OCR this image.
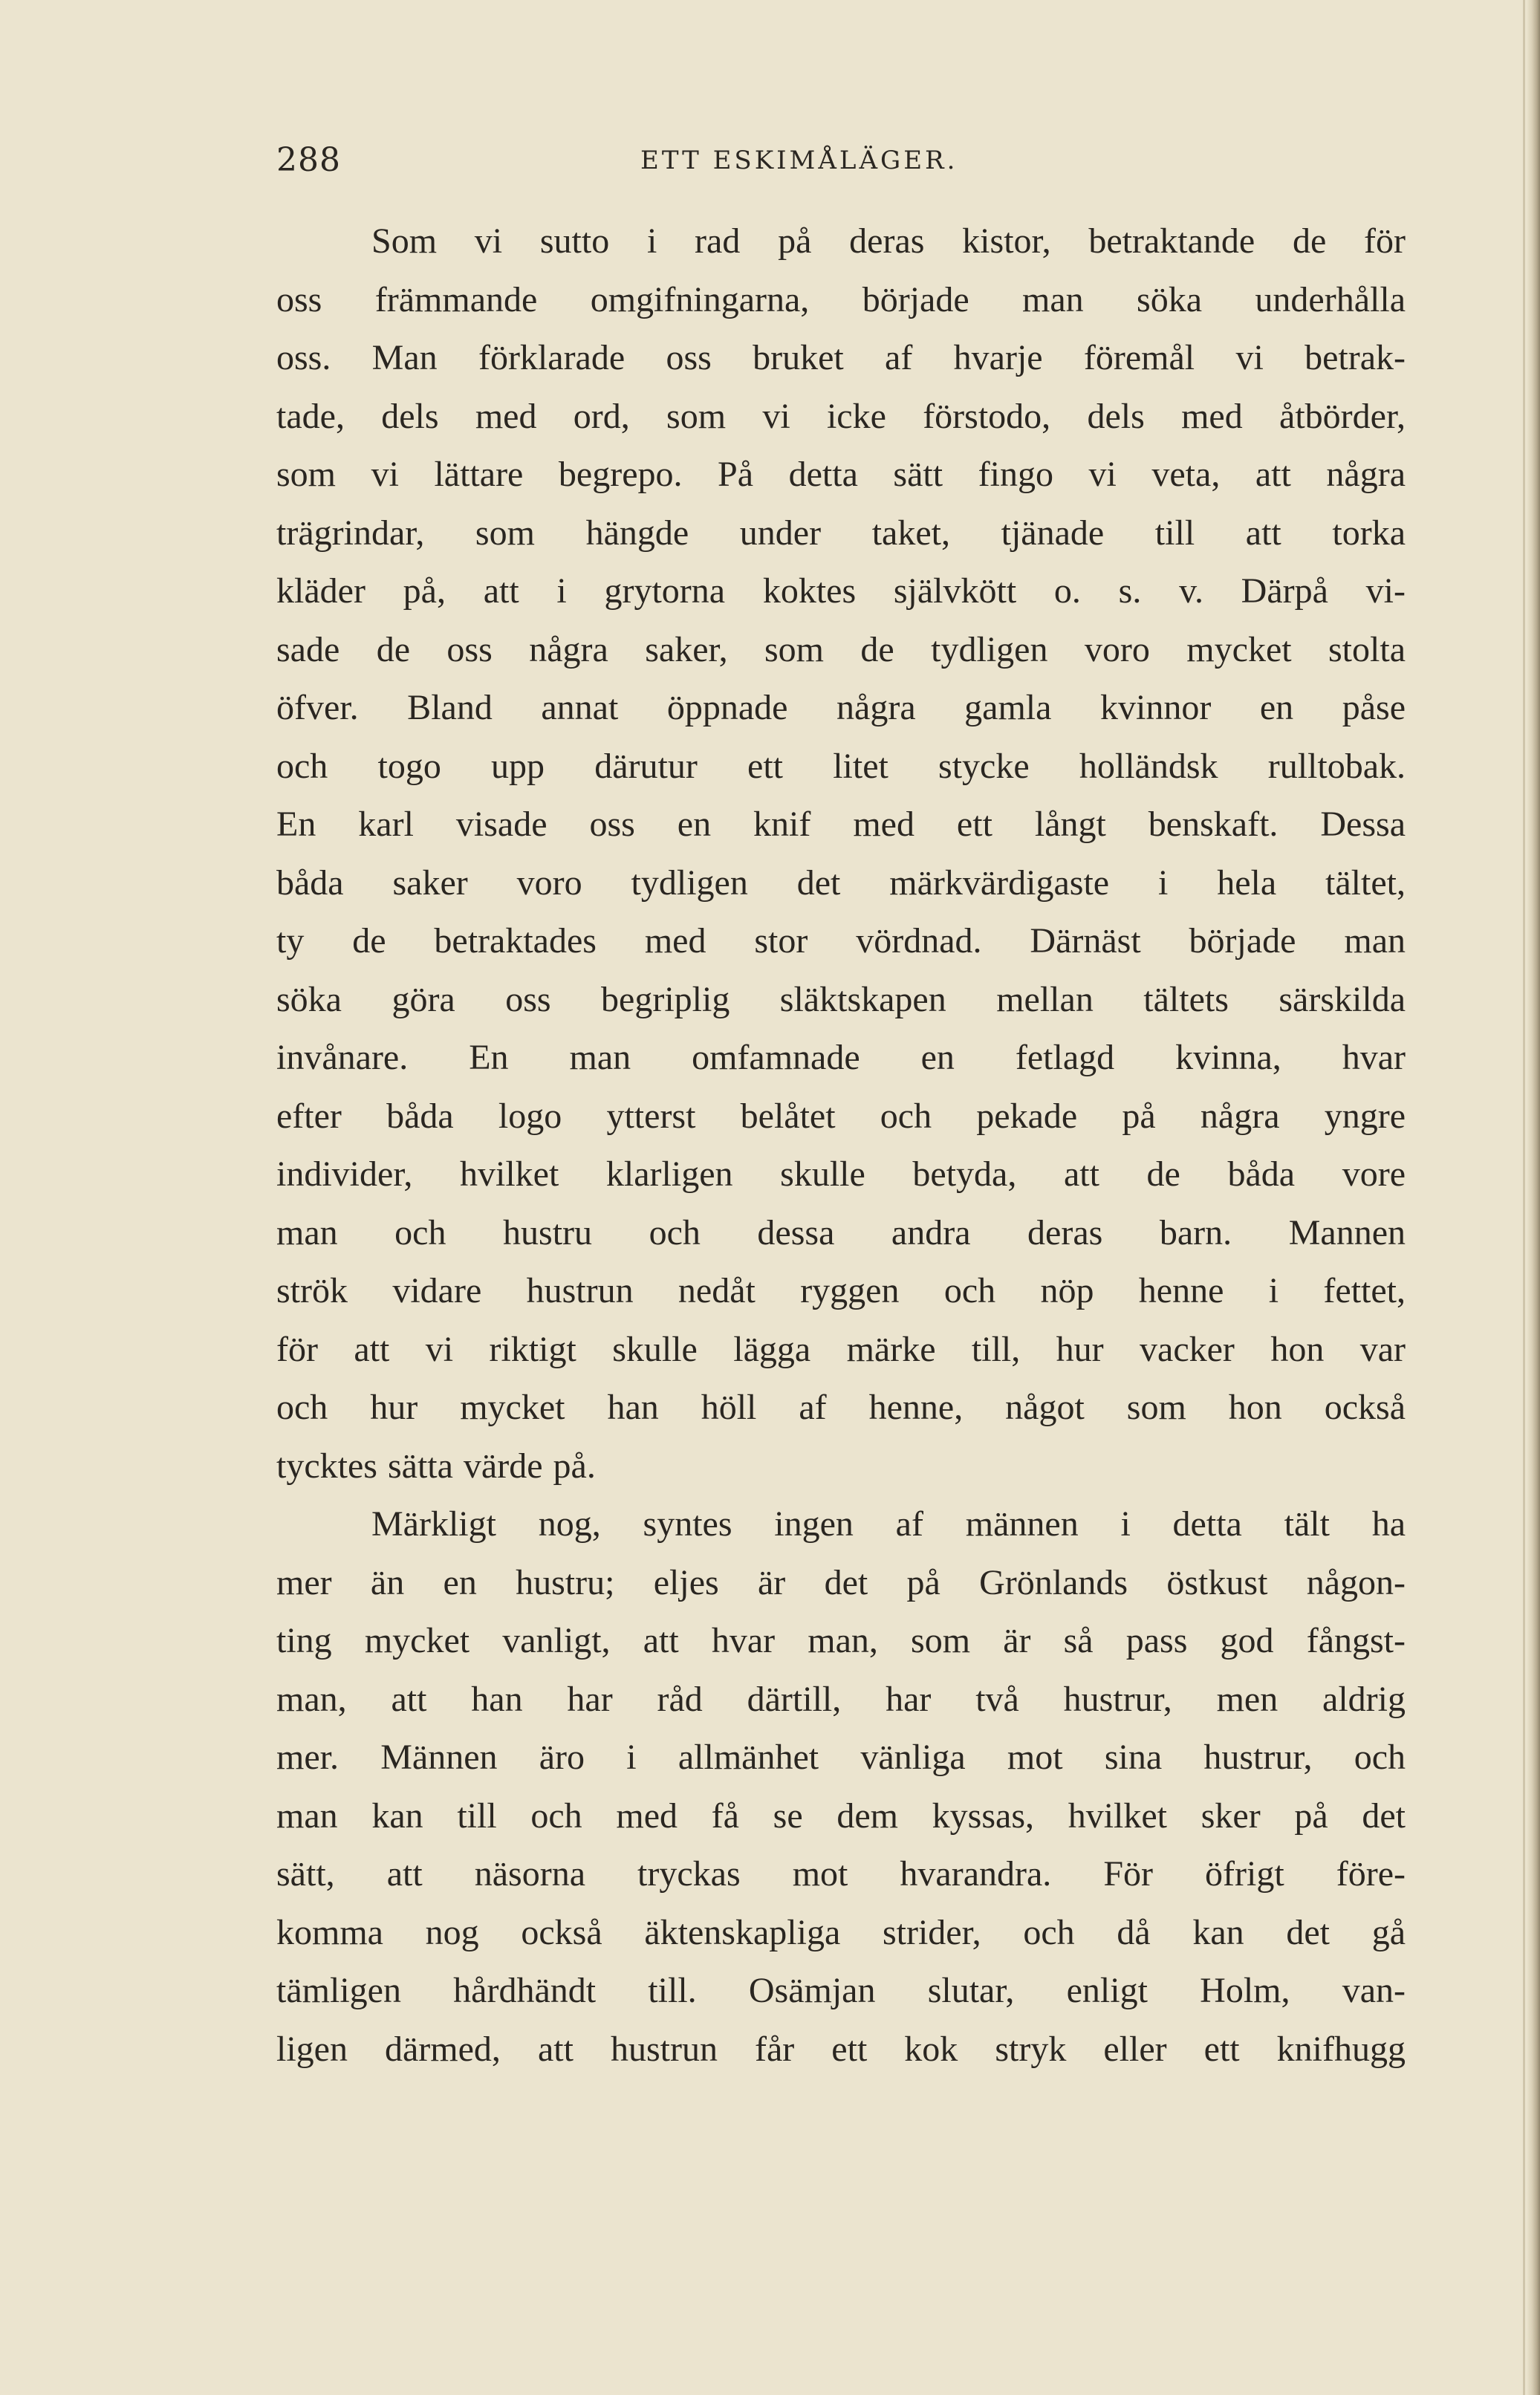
288	ETT ESKIMÅLÄGER.
Som vi sutto i rad på deras kistor, betraktande de för
oss främmande omgifningarna, började man söka underhålla
oss. Man förklarade oss bruket af hvarje föremål vi betrak-
tade, dels med ord, som vi icke förstodo, dels med åtbörder,
som vi lättare begrepo. På detta sätt fingo vi veta, att några
trägrindar, som hängde under taket, tjänade till att torka
kläder på, att i grytorna koktes självkött o. s. v. Därpå vi-
sade de oss några saker, som de tydligen voro mycket stolta
öfver. Bland annat öppnade några gamla kvinnor en påse
och togo upp därutur ett litet stycke holländsk rulltobak.
En karl visade oss en knif med ett långt benskaft. Dessa
båda saker voro tydligen det märkvärdigaste i hela tältet,
ty de betraktades med stor vördnad. Därnäst började man
söka göra oss begriplig släktskapen mellan tältets särskilda
invånare. En man omfamnade en fetlagd kvinna, hvar
efter båda logo ytterst belåtet och pekade på några yngre
individer, hvilket klarligen skulle betyda, att de båda vore
man och hustru och dessa andra deras barn. Mannen
strök vidare hustrun nedåt ryggen och nöp henne i fettet,
för att vi riktigt skulle lägga märke till, hur vacker hon var
och hur mycket han höll af henne, något som hon också
tycktes sätta värde på.
Märkligt nog, syntes ingen af männen i detta tält ha
mer än en hustru; eljes är det på Grönlands östkust någon-
ting mycket vanligt, att hvar man, som är så pass god fångst-
man, att han har råd därtill, har två hustrur, men aldrig
mer. Männen äro i allmänhet vänliga mot sina hustrur, och
man kan till och med få se dem kyssas, hvilket sker på det
sätt, att näsorna tryckas mot hvarandra. För öfrigt före-
komma nog också äktenskapliga strider, och då kan det gå
tämligen hårdhändt till. Osämjan slutar, enligt Holm, van-
ligen därmed, att hustrun får ett kok stryk eller ett knifhugg
